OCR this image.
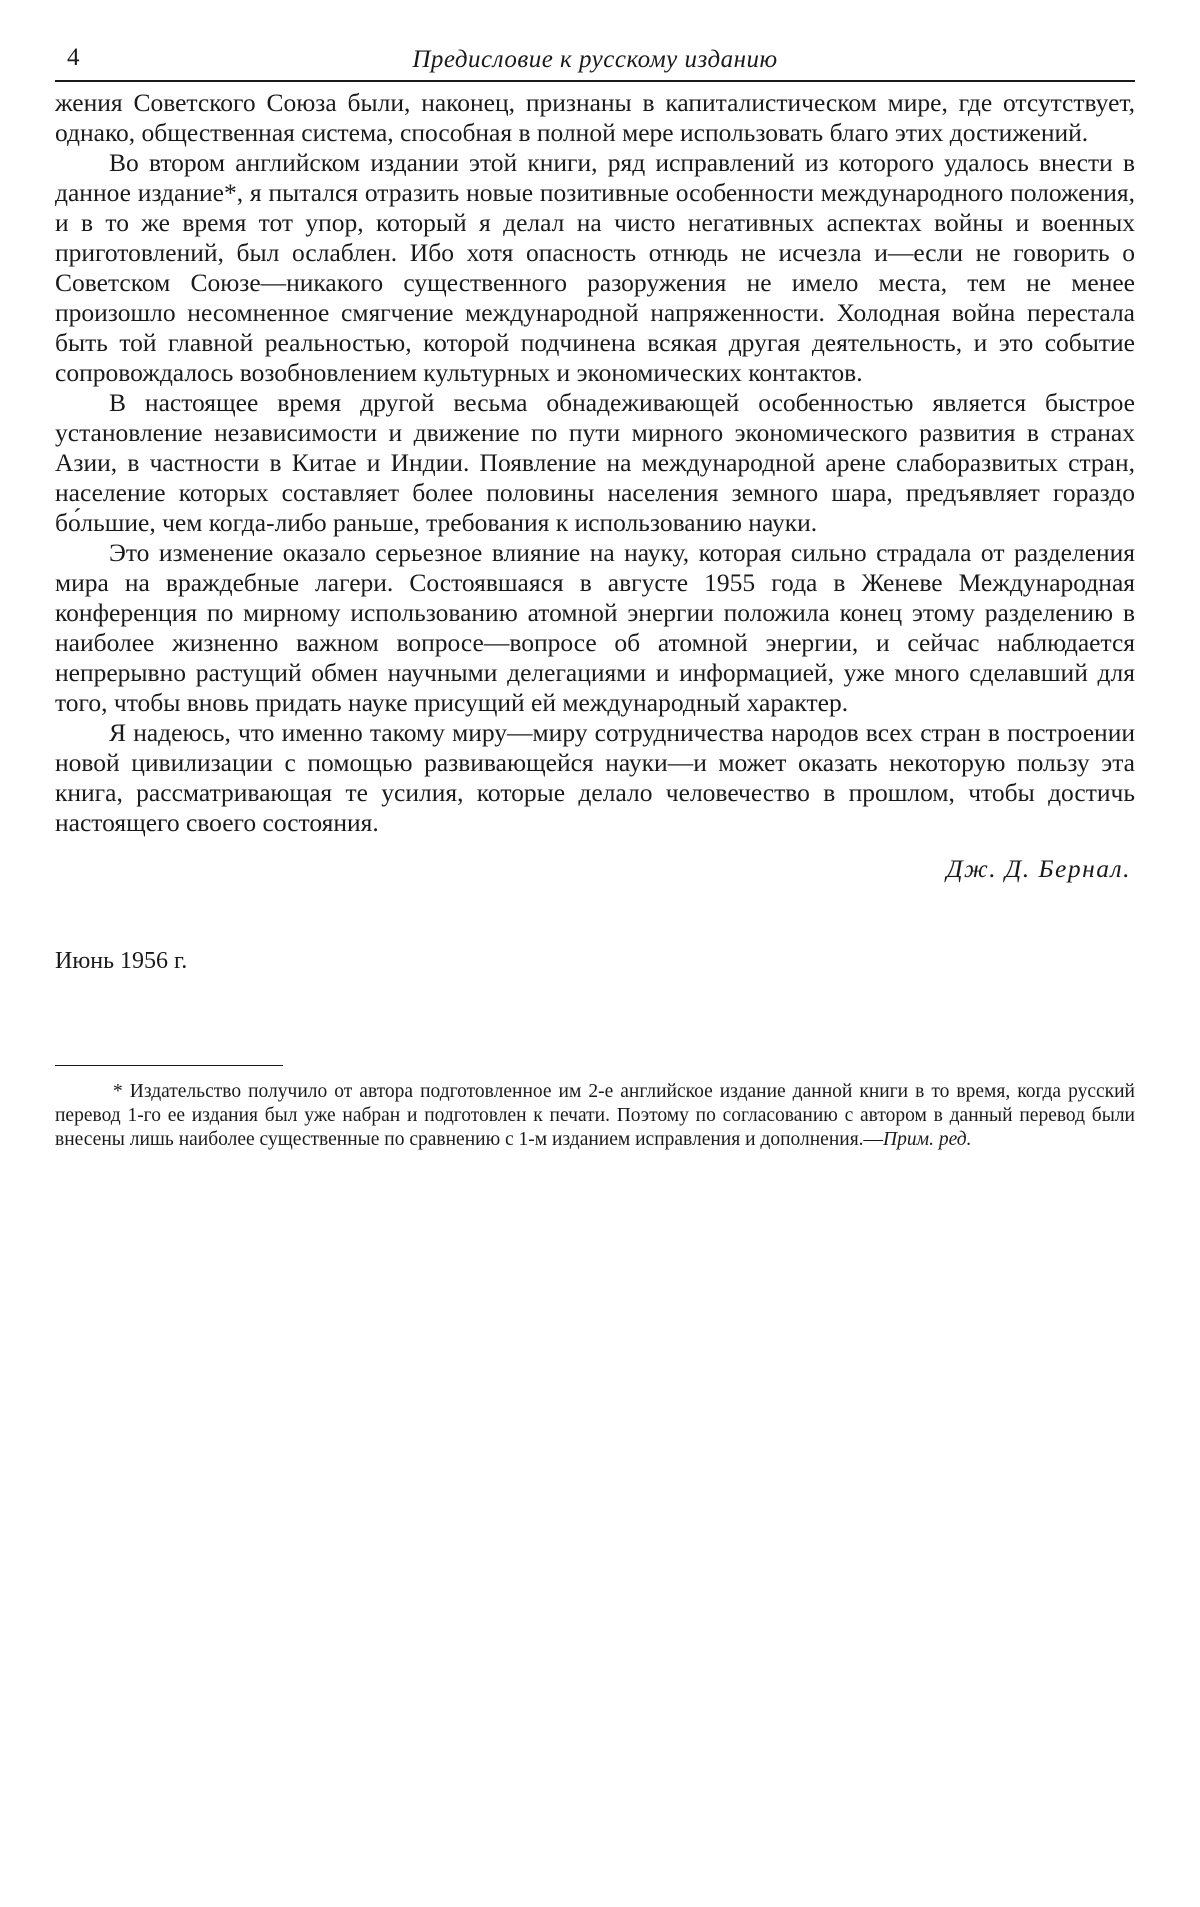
4	Предисловие к русскому изданию

жения Советского Союза были, наконец, признаны в капиталистическом мире, где отсутствует, однако, общественная система, способная в полной мере использовать благо этих достижений.

Во втором английском издании этой книги, ряд исправлений из которого удалось внести в данное издание*, я пытался отразить новые позитивные особенности международного положения, и в то же время тот упор, который я делал на чисто негативных аспектах войны и военных приготовлений, был ослаблен. Ибо хотя опасность отнюдь не исчезла и—если не говорить о Советском Союзе—никакого существенного разоружения не имело места, тем не менее произошло несомненное смягчение международной напряженности. Холодная война перестала быть той главной реальностью, которой подчинена всякая другая деятельность, и это событие сопровождалось возобновлением культурных и экономических контактов.

В настоящее время другой весьма обнадеживающей особенностью является быстрое установление независимости и движение по пути мирного экономического развития в странах Азии, в частности в Китае и Индии. Появление на международной арене слаборазвитых стран, население которых составляет более половины населения земного шара, предъявляет гораздо бо́льшие, чем когда-либо раньше, требования к использованию науки.

Это изменение оказало серьезное влияние на науку, которая сильно страдала от разделения мира на враждебные лагери. Состоявшаяся в августе 1955 года в Женеве Международная конференция по мирному использованию атомной энергии положила конец этому разделению в наиболее жизненно важном вопросе—вопросе об атомной энергии, и сейчас наблюдается непрерывно растущий обмен научными делегациями и информацией, уже много сделавший для того, чтобы вновь придать науке присущий ей международный характер.

Я надеюсь, что именно такому миру—миру сотрудничества народов всех стран в построении новой цивилизации с помощью развивающейся науки—и может оказать некоторую пользу эта книга, рассматривающая те усилия, которые делало человечество в прошлом, чтобы достичь настоящего своего состояния.

Дж. Д. Бернал.
Июнь 1956 г.

* Издательство получило от автора подготовленное им 2-е английское издание данной книги в то время, когда русский перевод 1-го ее издания был уже набран и подготовлен к печати. Поэтому по согласованию с автором в данный перевод были внесены лишь наиболее существенные по сравнению с 1-м изданием исправления и дополнения.—Прим. ред.
